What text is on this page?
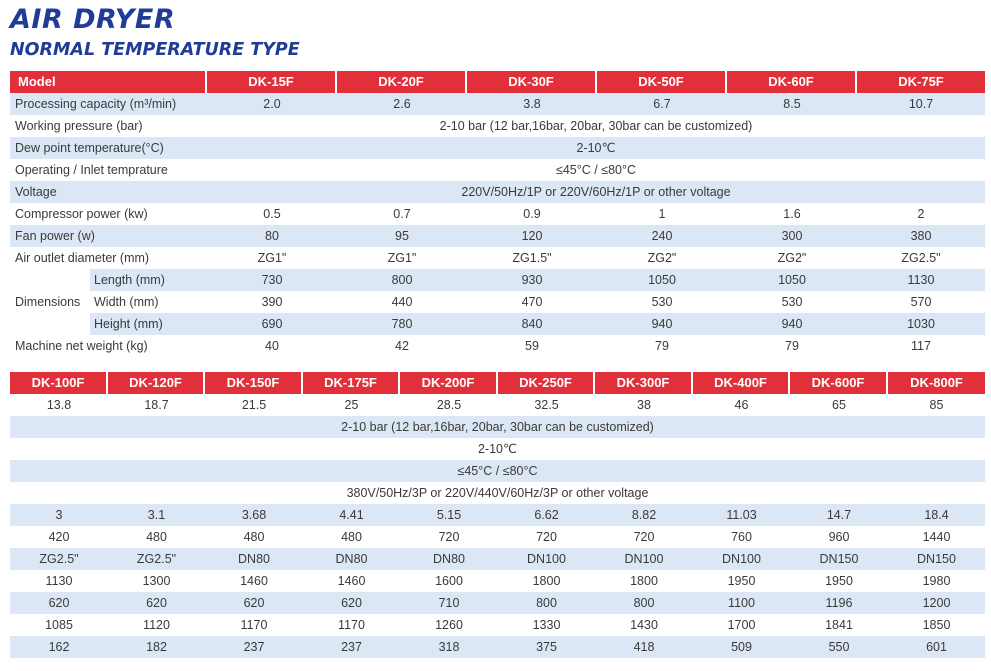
AIR DRYER
NORMAL TEMPERATURE TYPE
Model		DK-15F	DK-20F	DK-30F	DK-50F	DK-60F	DK-75F
Processing capacity (m³/min)		2.0	2.6	3.8	6.7	8.5	10.7
Working pressure (bar)		2-10 bar (12 bar,16bar, 20bar, 30bar can be customized)					
Dew point temperature(°C)		2-10℃					
Operating / Inlet temprature		≤45°C / ≤80°C					
Voltage		220V/50Hz/1P or 220V/60Hz/1P or other voltage					
Compressor power (kw)		0.5	0.7	0.9	1	1.6	2
Fan power (w)		80	95	120	240	300	380
Air outlet diameter (mm)		ZG1"	ZG1"	ZG1.5"	ZG2"	ZG2"	ZG2.5"
Dimensions	Length (mm)	730	800	930	1050	1050	1130
	Width (mm)	390	440	470	530	530	570
	Height (mm)	690	780	840	940	940	1030
Machine net weight (kg)		40	42	59	79	79	117
DK-100F	DK-120F	DK-150F	DK-175F	DK-200F	DK-250F	DK-300F	DK-400F	DK-600F	DK-800F
13.8	18.7	21.5	25	28.5	32.5	38	46	65	85
2-10 bar (12 bar,16bar, 20bar, 30bar can be customized)									
2-10℃									
≤45°C / ≤80°C									
380V/50Hz/3P or 220V/440V/60Hz/3P or other voltage									
3	3.1	3.68	4.41	5.15	6.62	8.82	11.03	14.7	18.4
420	480	480	480	720	720	720	760	960	1440
ZG2.5"	ZG2.5"	DN80	DN80	DN80	DN100	DN100	DN100	DN150	DN150
1130	1300	1460	1460	1600	1800	1800	1950	1950	1980
620	620	620	620	710	800	800	1100	1196	1200
1085	1120	1170	1170	1260	1330	1430	1700	1841	1850
162	182	237	237	318	375	418	509	550	601
